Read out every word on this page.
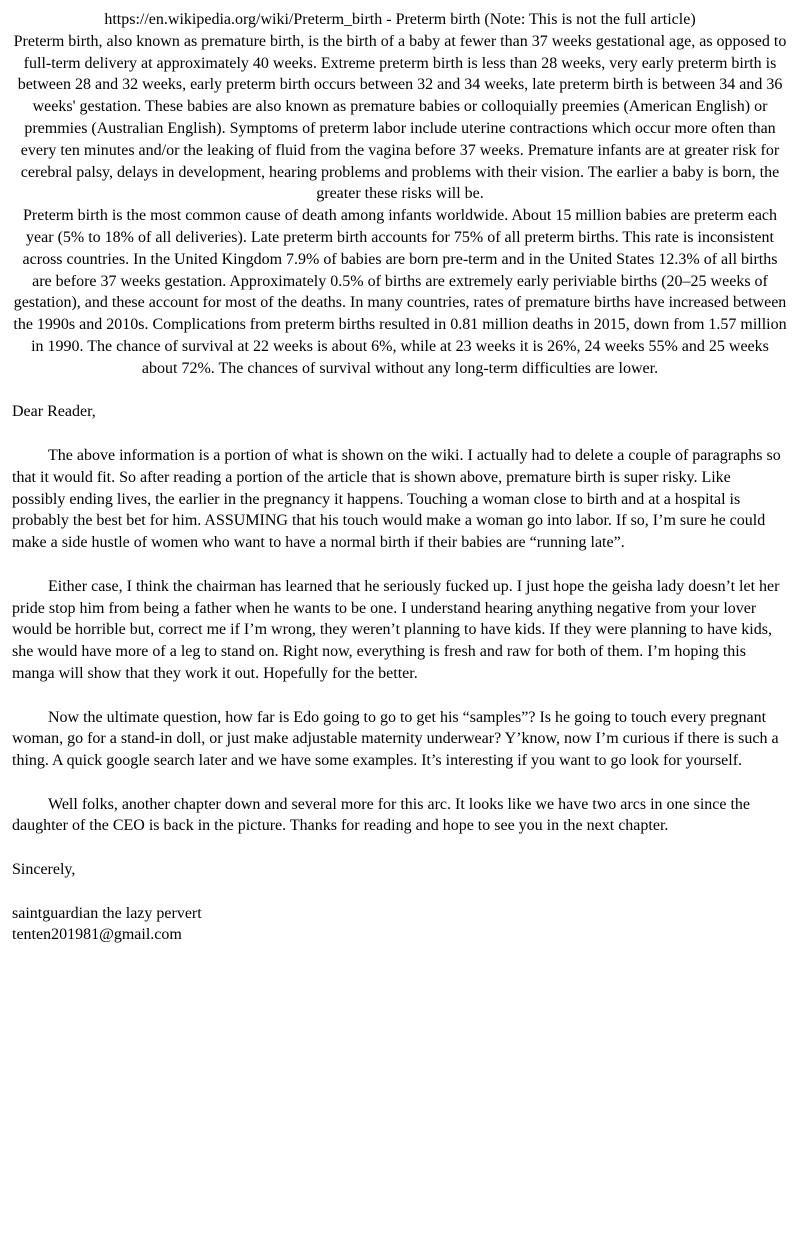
https://en.wikipedia.org/wiki/Preterm_birth - Preterm birth (Note: This is not the full article)

Preterm birth, also known as premature birth, is the birth of a baby at fewer than 37 weeks gestational age, as opposed to full-term delivery at approximately 40 weeks. Extreme preterm birth is less than 28 weeks, very early preterm birth is between 28 and 32 weeks, early preterm birth occurs between 32 and 34 weeks, late preterm birth is between 34 and 36 weeks' gestation. These babies are also known as premature babies or colloquially preemies (American English) or premmies (Australian English). Symptoms of preterm labor include uterine contractions which occur more often than every ten minutes and/or the leaking of fluid from the vagina before 37 weeks. Premature infants are at greater risk for cerebral palsy, delays in development, hearing problems and problems with their vision. The earlier a baby is born, the greater these risks will be.

Preterm birth is the most common cause of death among infants worldwide. About 15 million babies are preterm each year (5% to 18% of all deliveries). Late preterm birth accounts for 75% of all preterm births. This rate is inconsistent across countries. In the United Kingdom 7.9% of babies are born pre-term and in the United States 12.3% of all births are before 37 weeks gestation. Approximately 0.5% of births are extremely early periviable births (20–25 weeks of gestation), and these account for most of the deaths. In many countries, rates of premature births have increased between the 1990s and 2010s. Complications from preterm births resulted in 0.81 million deaths in 2015, down from 1.57 million in 1990. The chance of survival at 22 weeks is about 6%, while at 23 weeks it is 26%, 24 weeks 55% and 25 weeks about 72%. The chances of survival without any long-term difficulties are lower.

Dear Reader,

The above information is a portion of what is shown on the wiki. I actually had to delete a couple of paragraphs so that it would fit. So after reading a portion of the article that is shown above, premature birth is super risky. Like possibly ending lives, the earlier in the pregnancy it happens. Touching a woman close to birth and at a hospital is probably the best bet for him. ASSUMING that his touch would make a woman go into labor. If so, I’m sure he could make a side hustle of women who want to have a normal birth if their babies are “running late”.

Either case, I think the chairman has learned that he seriously fucked up. I just hope the geisha lady doesn’t let her pride stop him from being a father when he wants to be one. I understand hearing anything negative from your lover would be horrible but, correct me if I’m wrong, they weren’t planning to have kids. If they were planning to have kids, she would have more of a leg to stand on. Right now, everything is fresh and raw for both of them. I’m hoping this manga will show that they work it out. Hopefully for the better.

Now the ultimate question, how far is Edo going to go to get his “samples”? Is he going to touch every pregnant woman, go for a stand-in doll, or just make adjustable maternity underwear? Y’know, now I’m curious if there is such a thing. A quick google search later and we have some examples. It’s interesting if you want to go look for yourself.

Well folks, another chapter down and several more for this arc. It looks like we have two arcs in one since the daughter of the CEO is back in the picture. Thanks for reading and hope to see you in the next chapter.

Sincerely,

saintguardian the lazy pervert

tenten201981@gmail.com
